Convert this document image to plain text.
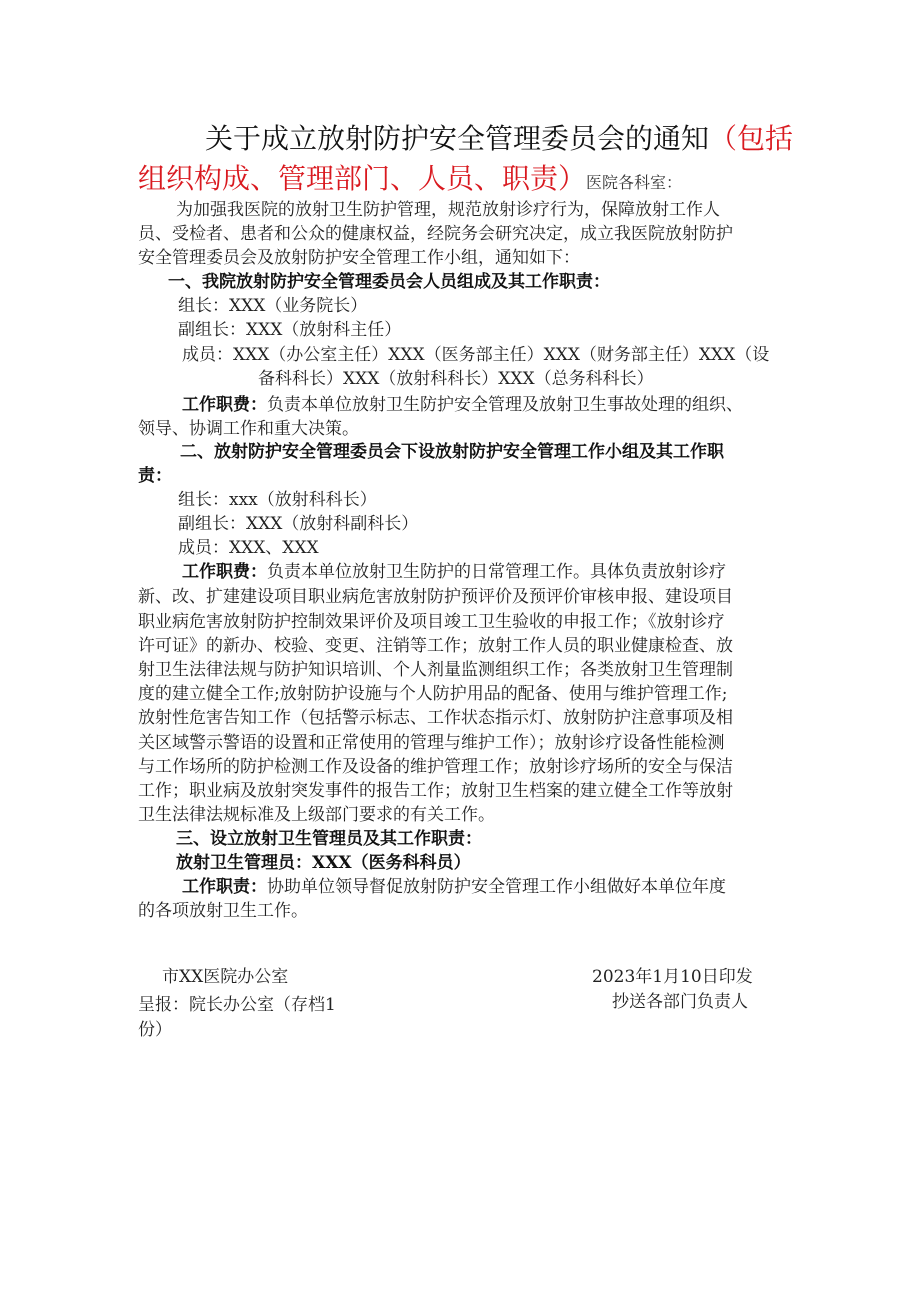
关于成立放射防护安全管理委员会的通知（包括
组织构成、管理部门、人员、职责）医院各科室：
为加强我医院的放射卫生防护管理，规范放射诊疗行为，保障放射工作人
员、受检者、患者和公众的健康权益，经院务会研究决定，成立我医院放射防护
安全管理委员会及放射防护安全管理工作小组，通知如下：
一、我院放射防护安全管理委员会人员组成及其工作职责：
组长：XXX（业务院长）
副组长：XXX（放射科主任）
成员：XXX（办公室主任）XXX（医务部主任）XXX（财务部主任）XXX（设
备科科长）XXX（放射科科长）XXX（总务科科长）
工作职费：负责本单位放射卫生防护安全管理及放射卫生事故处理的组织、
领导、协调工作和重大决策。
二、放射防护安全管理委员会下设放射防护安全管理工作小组及其工作职
责：
组长：xxx（放射科科长）
副组长：XXX（放射科副科长）
成员：XXX、XXX
工作职费：负责本单位放射卫生防护的日常管理工作。具体负责放射诊疗
新、改、扩建建设项目职业病危害放射防护预评价及预评价审核申报、建设项目
职业病危害放射防护控制效果评价及项目竣工卫生验收的申报工作；《放射诊疗
许可证》的新办、校验、变更、注销等工作；放射工作人员的职业健康检查、放
射卫生法律法规与防护知识培训、个人剂量监测组织工作；各类放射卫生管理制
度的建立健全工作;放射防护设施与个人防护用品的配备、使用与维护管理工作;
放射性危害告知工作（包括警示标志、工作状态指示灯、放射防护注意事项及相
关区域警示警语的设置和正常使用的管理与维护工作）；放射诊疗设备性能检测
与工作场所的防护检测工作及设备的维护管理工作；放射诊疗场所的安全与保洁
工作；职业病及放射突发事件的报告工作；放射卫生档案的建立健全工作等放射
卫生法律法规标准及上级部门要求的有关工作。
三、设立放射卫生管理员及其工作职责：
放射卫生管理员：XXX（医务科科员）
工作职责：协助单位领导督促放射防护安全管理工作小组做好本单位年度
的各项放射卫生工作。
市XX医院办公室	2023年1月10日印发
呈报：院长办公室（存档1	抄送各部门负责人
份）
